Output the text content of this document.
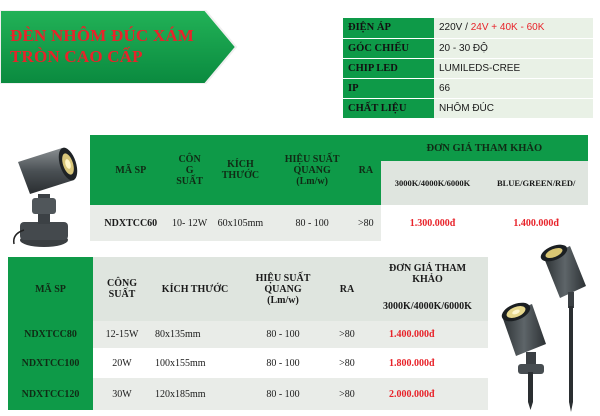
ĐÈN NHÔM ĐÚC XÁM
TRÒN CAO CẤP
ĐIỆN ÁP	220V / 24V + 40K - 60K
GÓC CHIẾU	20 - 30 ĐỘ
CHIP LED	LUMILEDS-CREE
IP	66
CHẤT LIỆU	NHÔM ĐÚC
MÃ SP	CÔN G SUẤT	KÍCH THƯỚC	HIỆU SUẤT QUANG (Lm/w)	RA	ĐƠN GIÁ THAM KHẢO	
					3000K/4000K/6000K	BLUE/GREEN/RED/
NDXTCC60	10- 12W	60x105mm	80 - 100	>80	1.300.000đ	1.400.000đ
MÃ SP	CÔNG SUẤT	KÍCH THƯỚC	HIỆU SUẤT QUANG (Lm/w)	RA	ĐƠN GIÁ THAM KHẢO
					3000K/4000K/6000K
NDXTCC80	12-15W	80x135mm	80 - 100	>80	1.400.000đ
NDXTCC100	20W	100x155mm	80 - 100	>80	1.800.000đ
NDXTCC120	30W	120x185mm	80 - 100	>80	2.000.000đ
